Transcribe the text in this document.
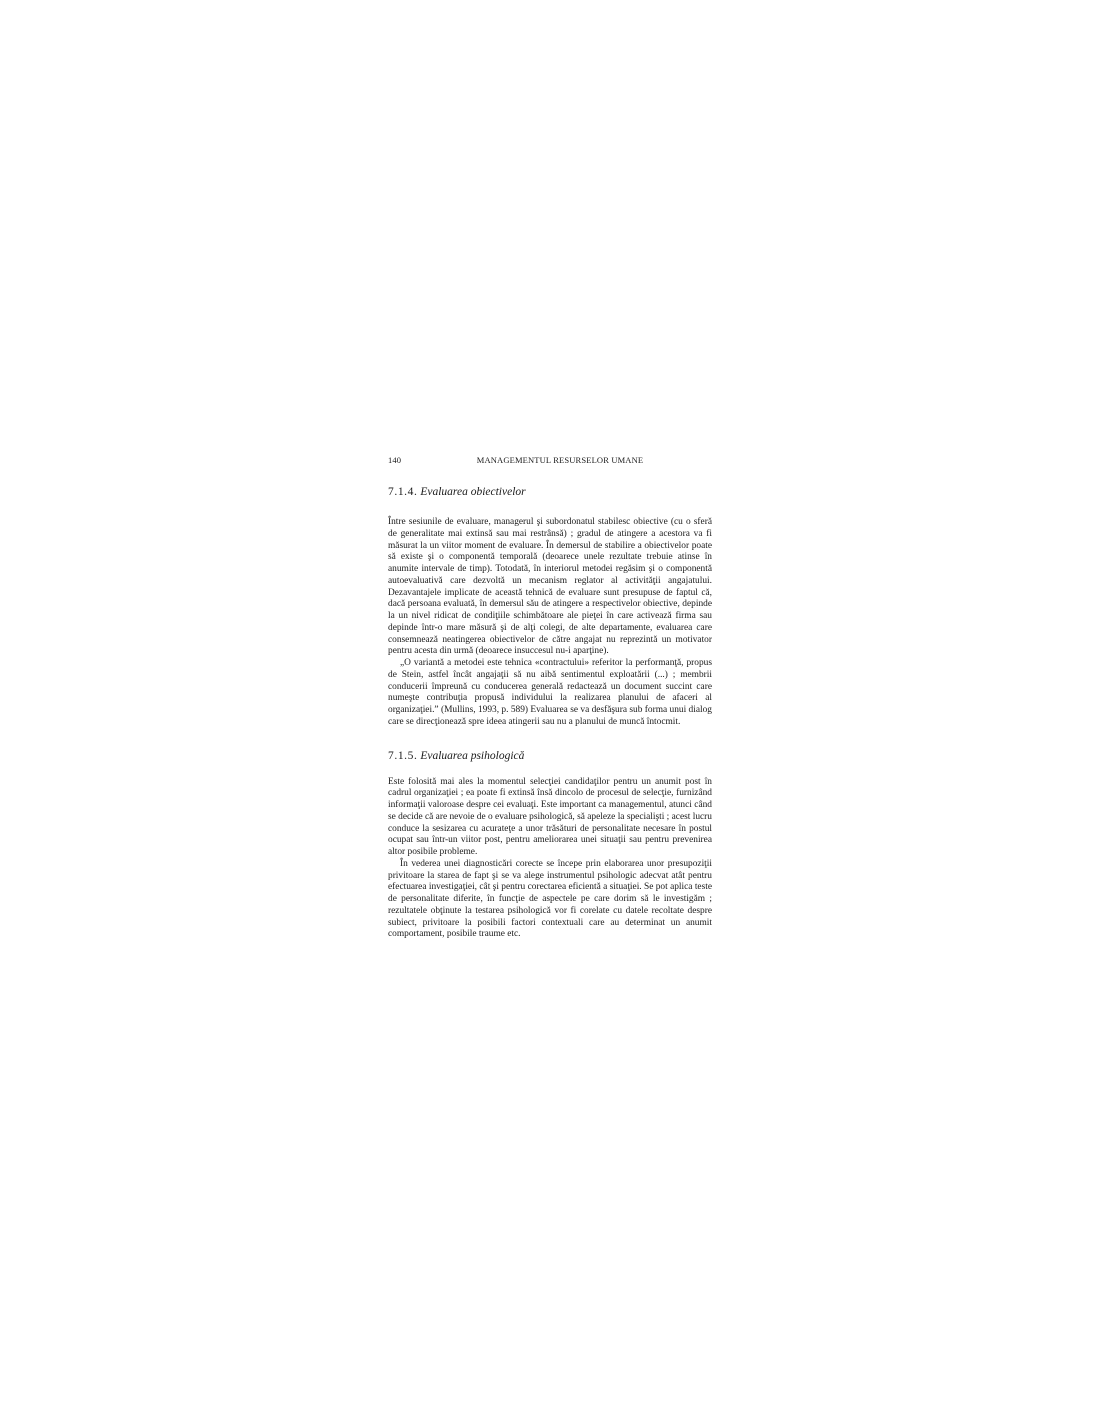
140	MANAGEMENTUL RESURSELOR UMANE
7.1.4. Evaluarea obiectivelor

Între sesiunile de evaluare, managerul şi subordonatul stabilesc obiective (cu o sferă de generalitate mai extinsă sau mai restrânsă) ; gradul de atingere a acestora va fi măsurat la un viitor moment de evaluare. În demersul de stabilire a obiectivelor poate să existe şi o componentă temporală (deoarece unele rezultate trebuie atinse în anumite intervale de timp). Totodată, în interiorul metodei regăsim şi o componentă autoevaluativă care dezvoltă un mecanism reglator al activităţii angajatului. Dezavantajele implicate de această tehnică de evaluare sunt presupuse de faptul că, dacă persoana evaluată, în demersul său de atingere a respectivelor obiective, depinde la un nivel ridicat de condiţiile schimbătoare ale pieţei în care activează firma sau depinde într-o mare măsură şi de alţi colegi, de alte departamente, evaluarea care consemnează neatingerea obiectivelor de către angajat nu reprezintă un motivator pentru acesta din urmă (deoarece insuccesul nu-i aparţine).

„O variantă a metodei este tehnica «contractului» referitor la performanţă, propus de Stein, astfel încât angajaţii să nu aibă sentimentul exploatării (...) ; membrii conducerii împreună cu conducerea generală redactează un document succint care numeşte contribuţia propusă individului la realizarea planului de afaceri al organizaţiei.” (Mullins, 1993, p. 589) Evaluarea se va desfăşura sub forma unui dialog care se direcţionează spre ideea atingerii sau nu a planului de muncă întocmit.

7.1.5. Evaluarea psihologică

Este folosită mai ales la momentul selecţiei candidaţilor pentru un anumit post în cadrul organizaţiei ; ea poate fi extinsă însă dincolo de procesul de selecţie, furnizând informaţii valoroase despre cei evaluaţi. Este important ca managementul, atunci când se decide că are nevoie de o evaluare psihologică, să apeleze la specialişti ; acest lucru conduce la sesizarea cu acurateţe a unor trăsături de personalitate necesare în postul ocupat sau într-un viitor post, pentru ameliorarea unei situaţii sau pentru prevenirea altor posibile probleme.

În vederea unei diagnosticări corecte se începe prin elaborarea unor presupoziţii privitoare la starea de fapt şi se va alege instrumentul psihologic adecvat atât pentru efectuarea investigaţiei, cât şi pentru corectarea eficientă a situaţiei. Se pot aplica teste de personalitate diferite, în funcţie de aspectele pe care dorim să le investigăm ; rezultatele obţinute la testarea psihologică vor fi corelate cu datele recoltate despre subiect, privitoare la posibili factori contextuali care au determinat un anumit comportament, posibile traume etc.
